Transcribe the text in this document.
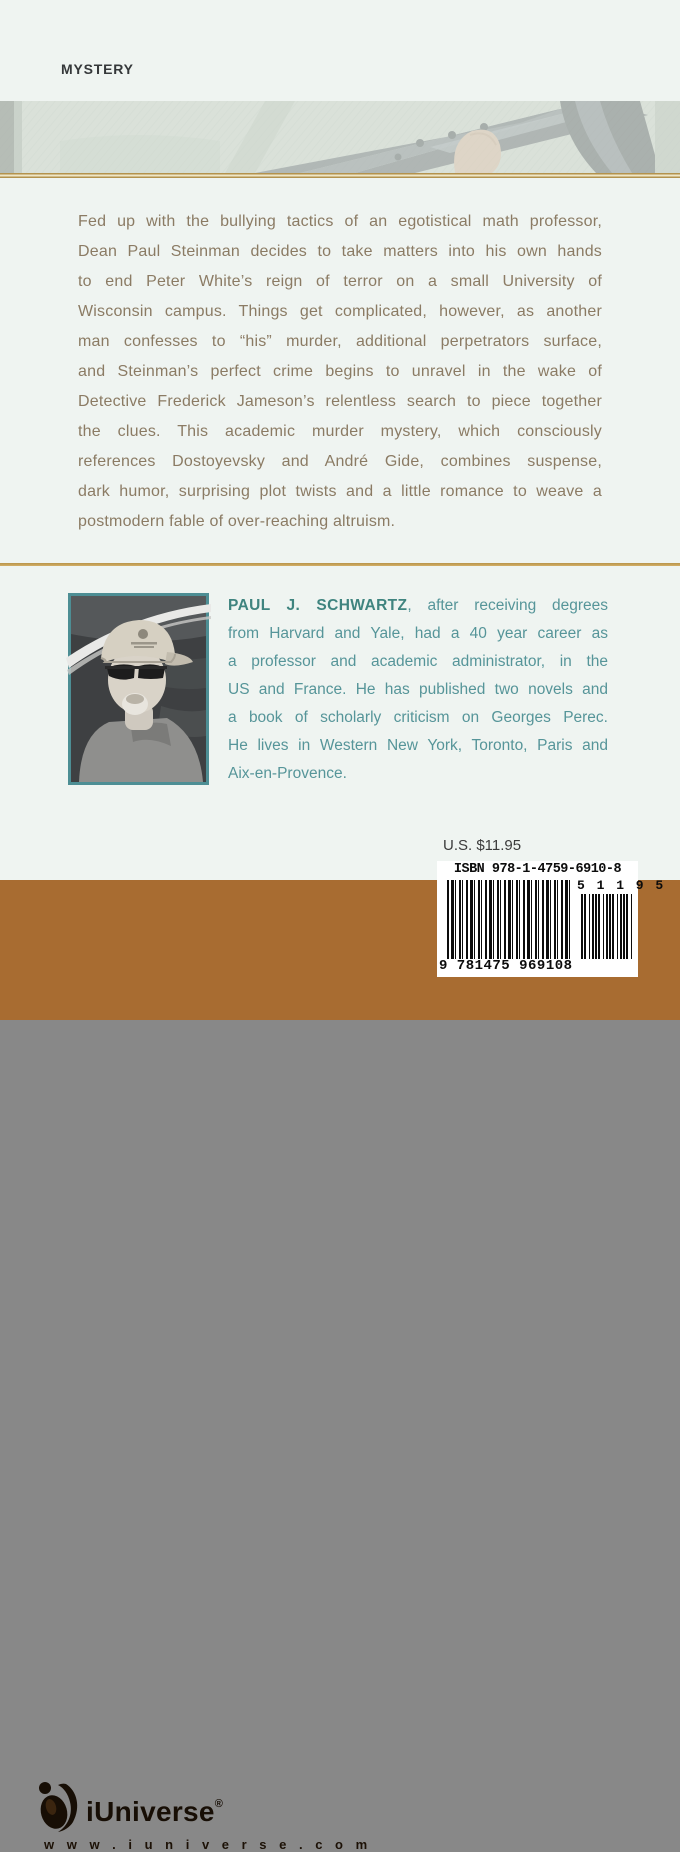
MYSTERY
Fed up with the bullying tactics of an egotistical math professor,
Dean Paul Steinman decides to take matters into his own hands
to end Peter White’s reign of terror on a small University of
Wisconsin campus. Things get complicated, however, as another
man confesses to “his” murder, additional perpetrators surface,
and Steinman’s perfect crime begins to unravel in the wake of
Detective Frederick Jameson’s relentless search to piece together
the clues. This academic murder mystery, which consciously
references Dostoyevsky and André Gide, combines suspense,
dark humor, surprising plot twists and a little romance to weave a
postmodern fable of over-reaching altruism.
PAUL J. SCHWARTZ, after receiving degrees
from Harvard and Yale, had a 40 year career as
a professor and academic administrator, in the
US and France. He has published two novels and
a book of scholarly criticism on Georges Perec.
He lives in Western New York, Toronto, Paris and
Aix-en-Provence.
U.S. $11.95
iUniverse®
w w w . i u n i v e r s e . c o m
ISBN 978-1-4759-6910-8
5 1 1 9 5
9 781475 969108
